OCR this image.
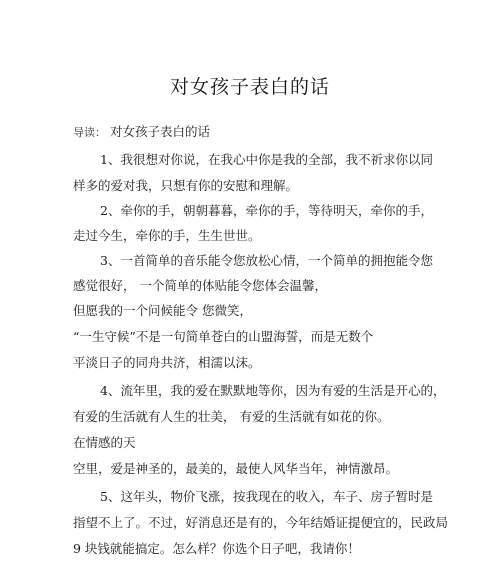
对女孩子表白的话
导读： 对女孩子表白的话
1、我很想对你说，在我心中你是我的全部，我不祈求你以同
样多的爱对我，只想有你的安慰和理解。
2、牵你的手，朝朝暮暮，牵你的手，等待明天，牵你的手，
走过今生，牵你的手，生生世世。
3、一首简单的音乐能令您放松心情，一个简单的拥抱能令您
感觉很好， 一个简单的体贴能令您体会温馨，
但愿我的一个问候能令 您微笑，
“一生守候”不是一句简单苍白的山盟海誓，而是无数个
平淡日子的同舟共济，相濡以沫。
4、流年里，我的爱在默默地等你，因为有爱的生活是开心的，
有爱的生活就有人生的壮美， 有爱的生活就有如花的你。
在情感的天
空里，爱是神圣的，最美的，最使人风华当年，神情激昂。
5、这年头，物价飞涨，按我现在的收入，车子、房子暂时是
指望不上了。不过，好消息还是有的，今年结婚证提便宜的，民政局
9 块钱就能搞定。怎么样？你选个日子吧，我请你！
